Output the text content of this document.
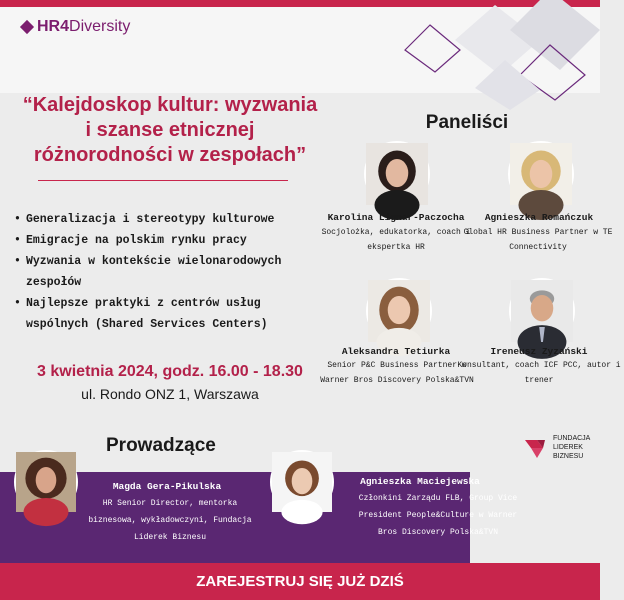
HR4 Diversity
“Kalejdoskop kultur: wyzwania i szanse etnicznej różnorodności w zespołach”
• Generalizacja i stereotypy kulturowe
• Emigracje na polskim rynku pracy
• Wyzwania w kontekście wielonarodowych zespołów
• Najlepsze praktyki z centrów usług wspólnych (Shared Services Centers)
3 kwietnia 2024, godz. 16.00 - 18.30
ul. Rondo ONZ 1, Warszawa
Paneliści
Karolina Lignar-Paczocha
Socjolożka, edukatorka, coach i ekspertka HR
Agnieszka Romańczuk
Global HR Business Partner w TE Connectivity
Aleksandra Tetiurka
Senior P&C Business Partner w Warner Bros Discovery Polska&TVN
Ireneusz Zyzański
Konsultant, coach ICF PCC, autor i trener
Prowadzące	FUNDACJA
LIDEREK
BIZNESU
Magda Gera-Pikulska
HR Senior Director, mentorka biznesowa, wykładowczyni, Fundacja Liderek Biznesu
Agnieszka Maciejewska
Członkini Zarządu FLB, Group Vice President People&Culture w Warner Bros Discovery Polska&TVN
ZAREJESTRUJ SIĘ JUŻ DZIŚ
